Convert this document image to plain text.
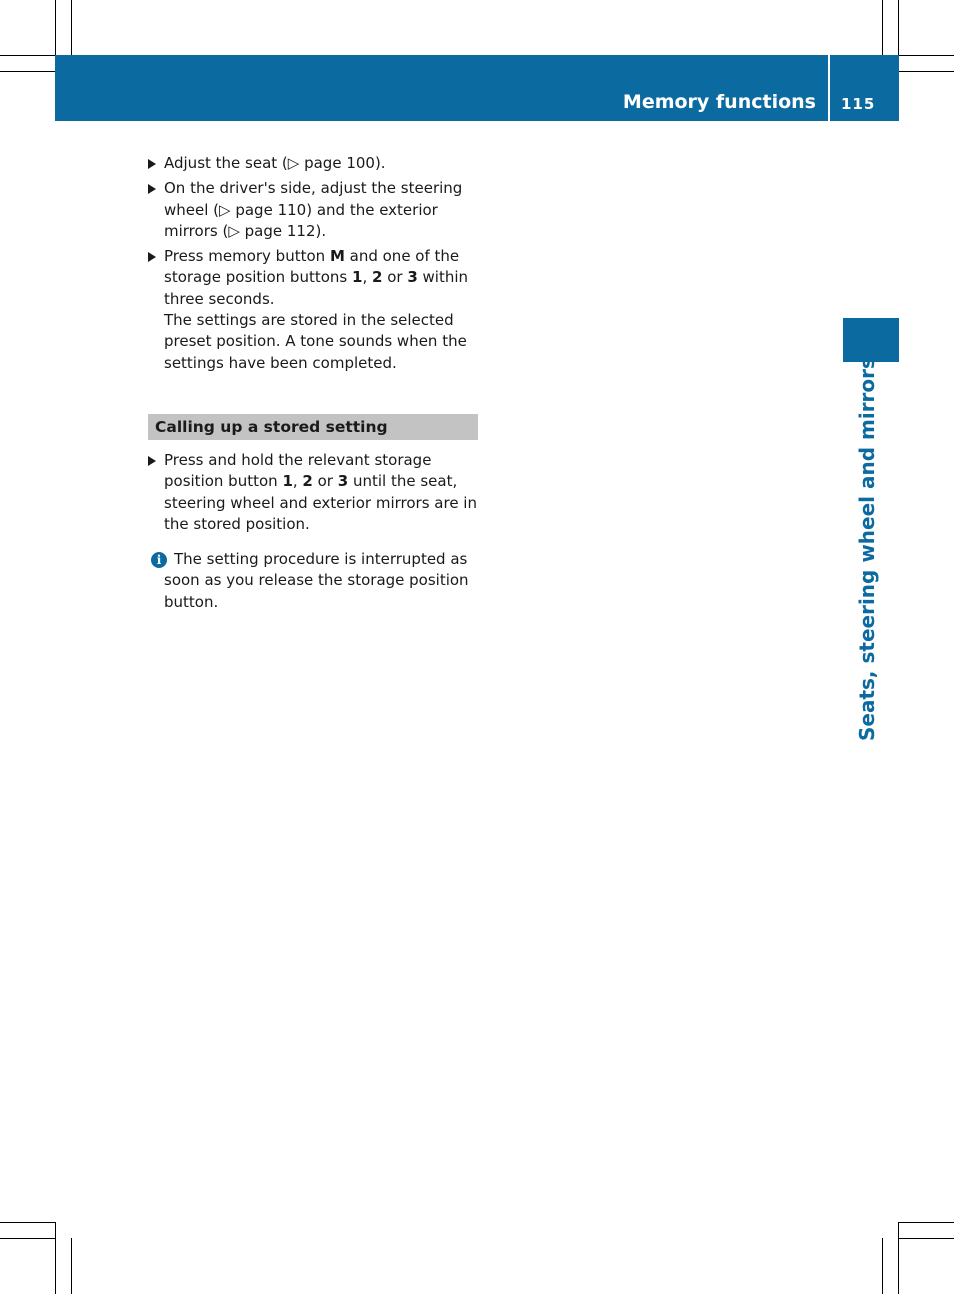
Memory functions 115
Seats, steering wheel and mirrors
Adjust the seat (▷ page 100).
On the driver's side, adjust the steering wheel (▷ page 110) and the exterior mirrors (▷ page 112).
Press memory button M and one of the storage position buttons 1, 2 or 3 within three seconds.
The settings are stored in the selected preset position. A tone sounds when the settings have been completed.
Calling up a stored setting
Press and hold the relevant storage position button 1, 2 or 3 until the seat, steering wheel and exterior mirrors are in the stored position.
i The setting procedure is interrupted as soon as you release the storage position button.
